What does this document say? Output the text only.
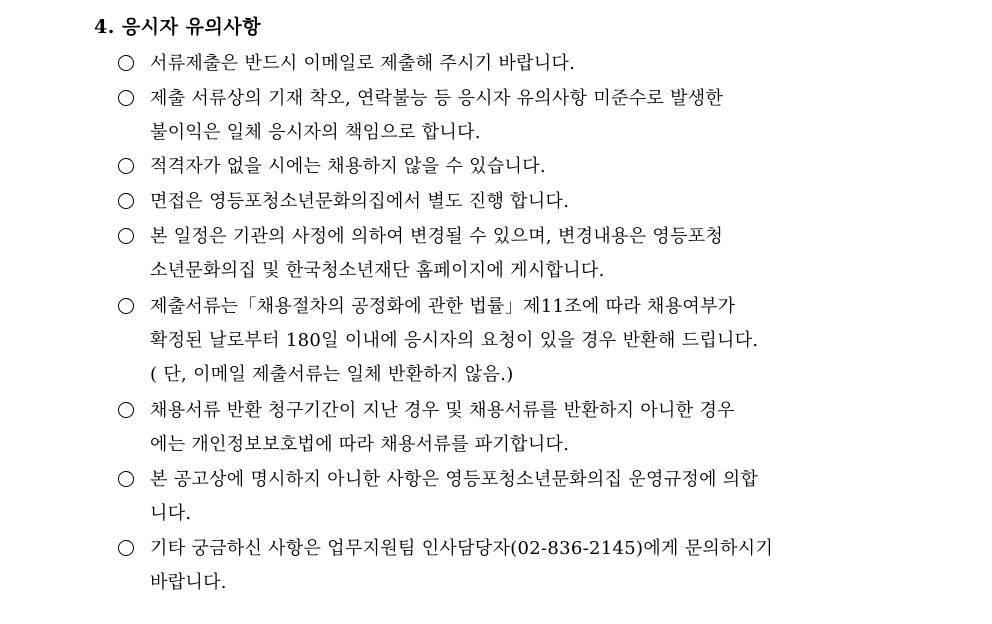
4. 응시자 유의사항
서류제출은 반드시 이메일로 제출해 주시기 바랍니다.
제출 서류상의 기재 착오, 연락불능 등 응시자 유의사항 미준수로 발생한
불이익은 일체 응시자의 책임으로 합니다.
적격자가 없을 시에는 채용하지 않을 수 있습니다.
면접은 영등포청소년문화의집에서 별도 진행 합니다.
본 일정은 기관의 사정에 의하여 변경될 수 있으며, 변경내용은 영등포청
소년문화의집 및 한국청소년재단 홈페이지에 게시합니다.
제출서류는「채용절차의 공정화에 관한 법률」제11조에 따라 채용여부가
확정된 날로부터 180일 이내에 응시자의 요청이 있을 경우 반환해 드립니다.
( 단, 이메일 제출서류는 일체 반환하지 않음.)
채용서류 반환 청구기간이 지난 경우 및 채용서류를 반환하지 아니한 경우
에는 개인정보보호법에 따라 채용서류를 파기합니다.
본 공고상에 명시하지 아니한 사항은 영등포청소년문화의집 운영규정에 의합
니다.
기타 궁금하신 사항은 업무지원팀 인사담당자(02-836-2145)에게 문의하시기
바랍니다.
